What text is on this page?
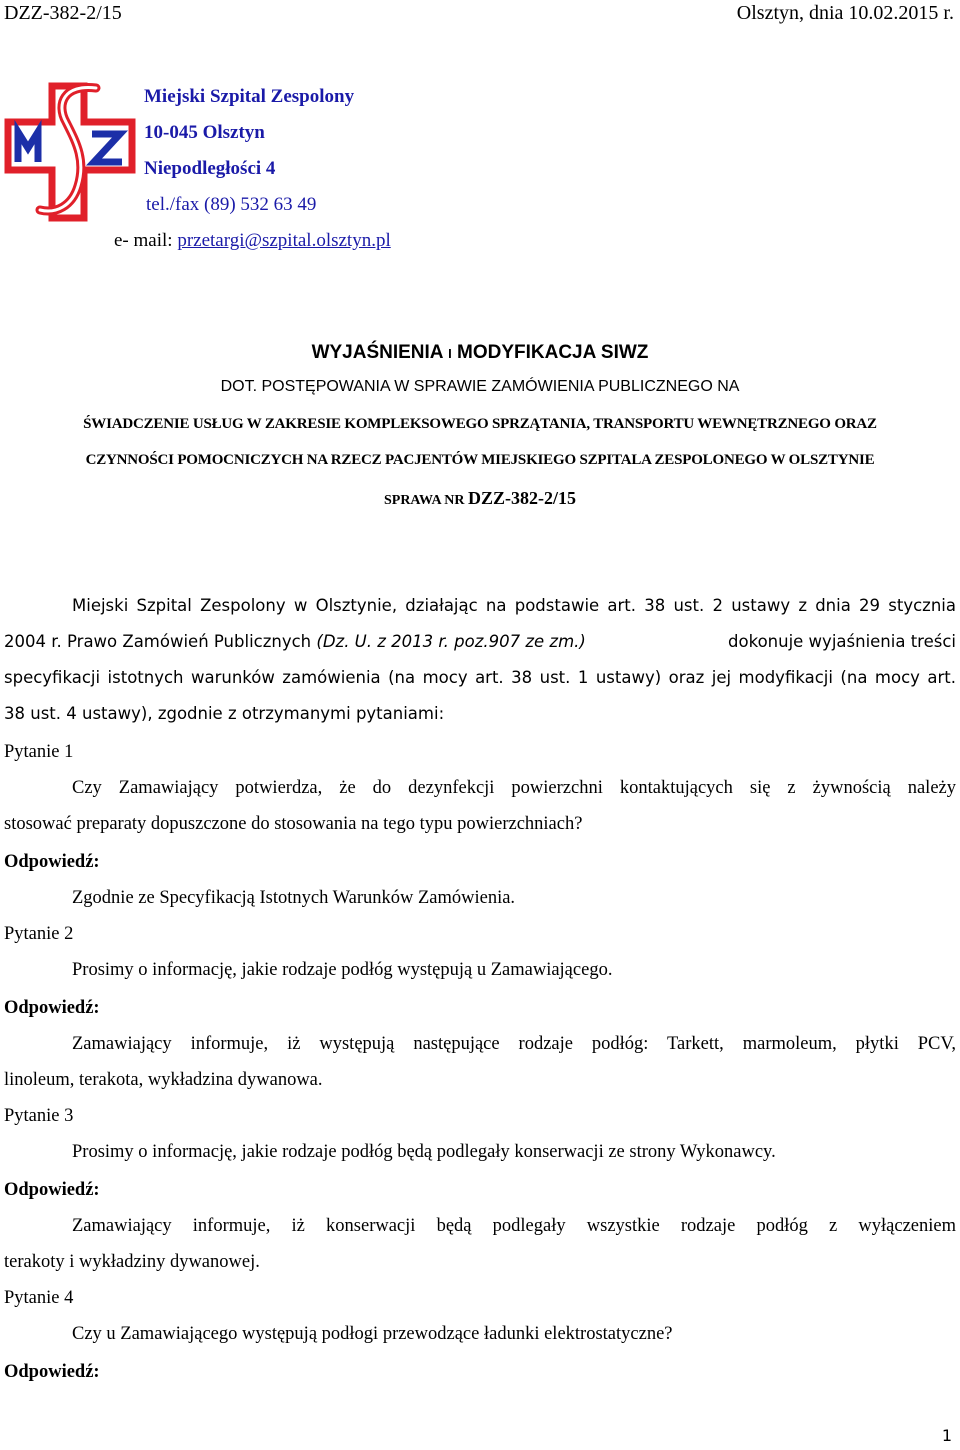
DZZ-382-2/15	Olsztyn, dnia 10.02.2015 r.
Miejski Szpital Zespolony
10-045 Olsztyn
Niepodległości 4
tel./fax (89) 532 63 49
e- mail: przetargi@szpital.olsztyn.pl
WYJAŚNIENIA I MODYFIKACJA SIWZ
DOT. POSTĘPOWANIA W SPRAWIE ZAMÓWIENIA PUBLICZNEGO NA
ŚWIADCZENIE USŁUG W ZAKRESIE KOMPLEKSOWEGO SPRZĄTANIA, TRANSPORTU WEWNĘTRZNEGO ORAZ
CZYNNOŚCI POMOCNICZYCH NA RZECZ PACJENTÓW MIEJSKIEGO SZPITALA ZESPOLONEGO W OLSZTYNIE
SPRAWA NR DZZ-382-2/15
Miejski Szpital Zespolony w Olsztynie, działając na podstawie art. 38 ust. 2 ustawy z dnia 29 stycznia
2004 r. Prawo Zamówień Publicznych (Dz. U. z 2013 r. poz.907 ze zm.)	dokonuje wyjaśnienia treści
specyfikacji istotnych warunków zamówienia (na mocy art. 38 ust. 1 ustawy) oraz jej modyfikacji (na mocy art.
38 ust. 4 ustawy), zgodnie z otrzymanymi pytaniami:
Pytanie 1
Czy Zamawiający potwierdza, że do dezynfekcji powierzchni kontaktujących się z żywnością należy
stosować preparaty dopuszczone do stosowania na tego typu powierzchniach?
Odpowiedź:
Zgodnie ze Specyfikacją Istotnych Warunków Zamówienia.
Pytanie 2
Prosimy o informację, jakie rodzaje podłóg występują u Zamawiającego.
Odpowiedź:
Zamawiający informuje, iż występują następujące rodzaje podłóg: Tarkett, marmoleum, płytki PCV,
linoleum, terakota, wykładzina dywanowa.
Pytanie 3
Prosimy o informację, jakie rodzaje podłóg będą podlegały konserwacji ze strony Wykonawcy.
Odpowiedź:
Zamawiający informuje, iż konserwacji będą podlegały wszystkie rodzaje podłóg z wyłączeniem
terakoty i wykładziny dywanowej.
Pytanie 4
Czy u Zamawiającego występują podłogi przewodzące ładunki elektrostatyczne?
Odpowiedź:
1
